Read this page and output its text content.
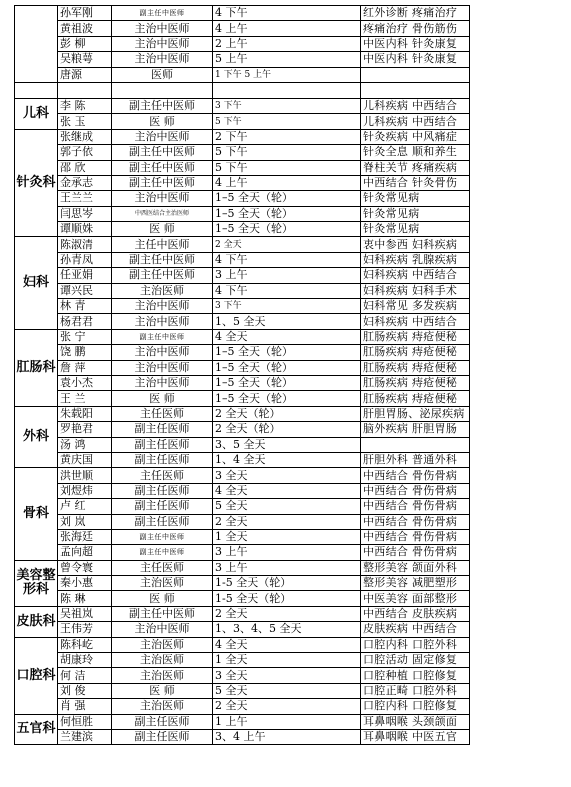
	孙军刚	副主任中医师	4 下午	红外诊断 疼痛治疗
	黄祖波	主治中医师	4 上午	疼痛治疗 骨伤筋伤
	彭 柳	主治中医师	2 上午	中医内科 针灸康复
	吴粮萼	主治中医师	5 上午	中医内科 针灸康复
	唐源	医师	1 下午 5 上午	

儿科	李 陈	副主任中医师	3 下午	儿科疾病 中西结合
	张 玉	医 师	5 下午	儿科疾病 中西结合
针灸科	张继成	主治中医师	2 下午	针灸疾病 中风痛症
	郭子依	副主任中医师	5 下午	针灸全息 顺和养生
	邵 欣	副主任中医师	5 下午	脊柱关节 疼痛疾病
	金承志	副主任中医师	4 上午	中西结合 针灸骨伤
	王兰兰	主治中医师	1–5 全天（轮）	针灸常见病
	闫思岑	中西医结合主治医师	1–5 全天（轮）	针灸常见病
	谭顺姝	医 师	1–5 全天（轮）	针灸常见病
妇科	陈淑清	主任中医师	2 全天	衷中参西 妇科疾病
	孙青凤	副主任中医师	4 下午	妇科疾病 乳腺疾病
	任亚娟	副主任中医师	3 上午	妇科疾病 中西结合
	谭兴民	主治医师	4 下午	妇科疾病 妇科手术
	林 青	主治中医师	3 下午	妇科常见 多发疾病
	杨君君	主治中医师	1、5 全天	妇科疾病 中西结合
肛肠科	张 宁	副主任中医师	4 全天	肛肠疾病 痔疮便秘
	饶 鹏	主治中医师	1–5 全天（轮）	肛肠疾病 痔疮便秘
	詹 萍	主治中医师	1–5 全天（轮）	肛肠疾病 痔疮便秘
	袁小杰	主治中医师	1–5 全天（轮）	肛肠疾病 痔疮便秘
	王 兰	医 师	1–5 全天（轮）	肛肠疾病 痔疮便秘
外科	朱载阳	主任医师	2 全天（轮）	肝胆胃肠、泌尿疾病
	罗艳君	副主任医师	2 全天（轮）	脑外疾病 肝胆胃肠
	汤 鸿	副主任医师	3、5 全天	
	黄庆国	副主任医师	1、4 全天	肝胆外科 普通外科
骨科	洪世顺	主任医师	3 全天	中西结合 骨伤骨病
	刘煜炜	副主任医师	4 全天	中西结合 骨伤骨病
	卢 红	副主任医师	5 全天	中西结合 骨伤骨病
	刘 岚	副主任医师	2 全天	中西结合 骨伤骨病
	张海廷	副主任中医师	1 全天	中西结合 骨伤骨病
	孟向超	副主任中医师	3 上午	中西结合 骨伤骨病
美容整形科	曾令寰	主任医师	3 上午	整形美容 颌面外科
	秦小惠	主治医师	1-5 全天（轮）	整形美容 减肥塑形
	陈 琳	医 师	1-5 全天（轮）	中医美容 面部整形
皮肤科	吴祖岚	副主任中医师	2 全天	中西结合 皮肤疾病
	王伟芳	主治中医师	1、3、4、5 全天	皮肤疾病 中西结合
口腔科	陈科屹	主治医师	4 全天	口腔内科 口腔外科
	胡康玲	主治医师	1 全天	口腔活动 固定修复
	何 洁	主治医师	3 全天	口腔种植 口腔修复
	刘 俊	医 师	5 全天	口腔正畸 口腔外科
	肖 强	主治医师	2 全天	口腔内科 口腔修复
五官科	何恒胜	副主任医师	1 上午	耳鼻咽喉 头颈颌面
	兰建滨	副主任医师	3、4 上午	耳鼻咽喉 中医五官
